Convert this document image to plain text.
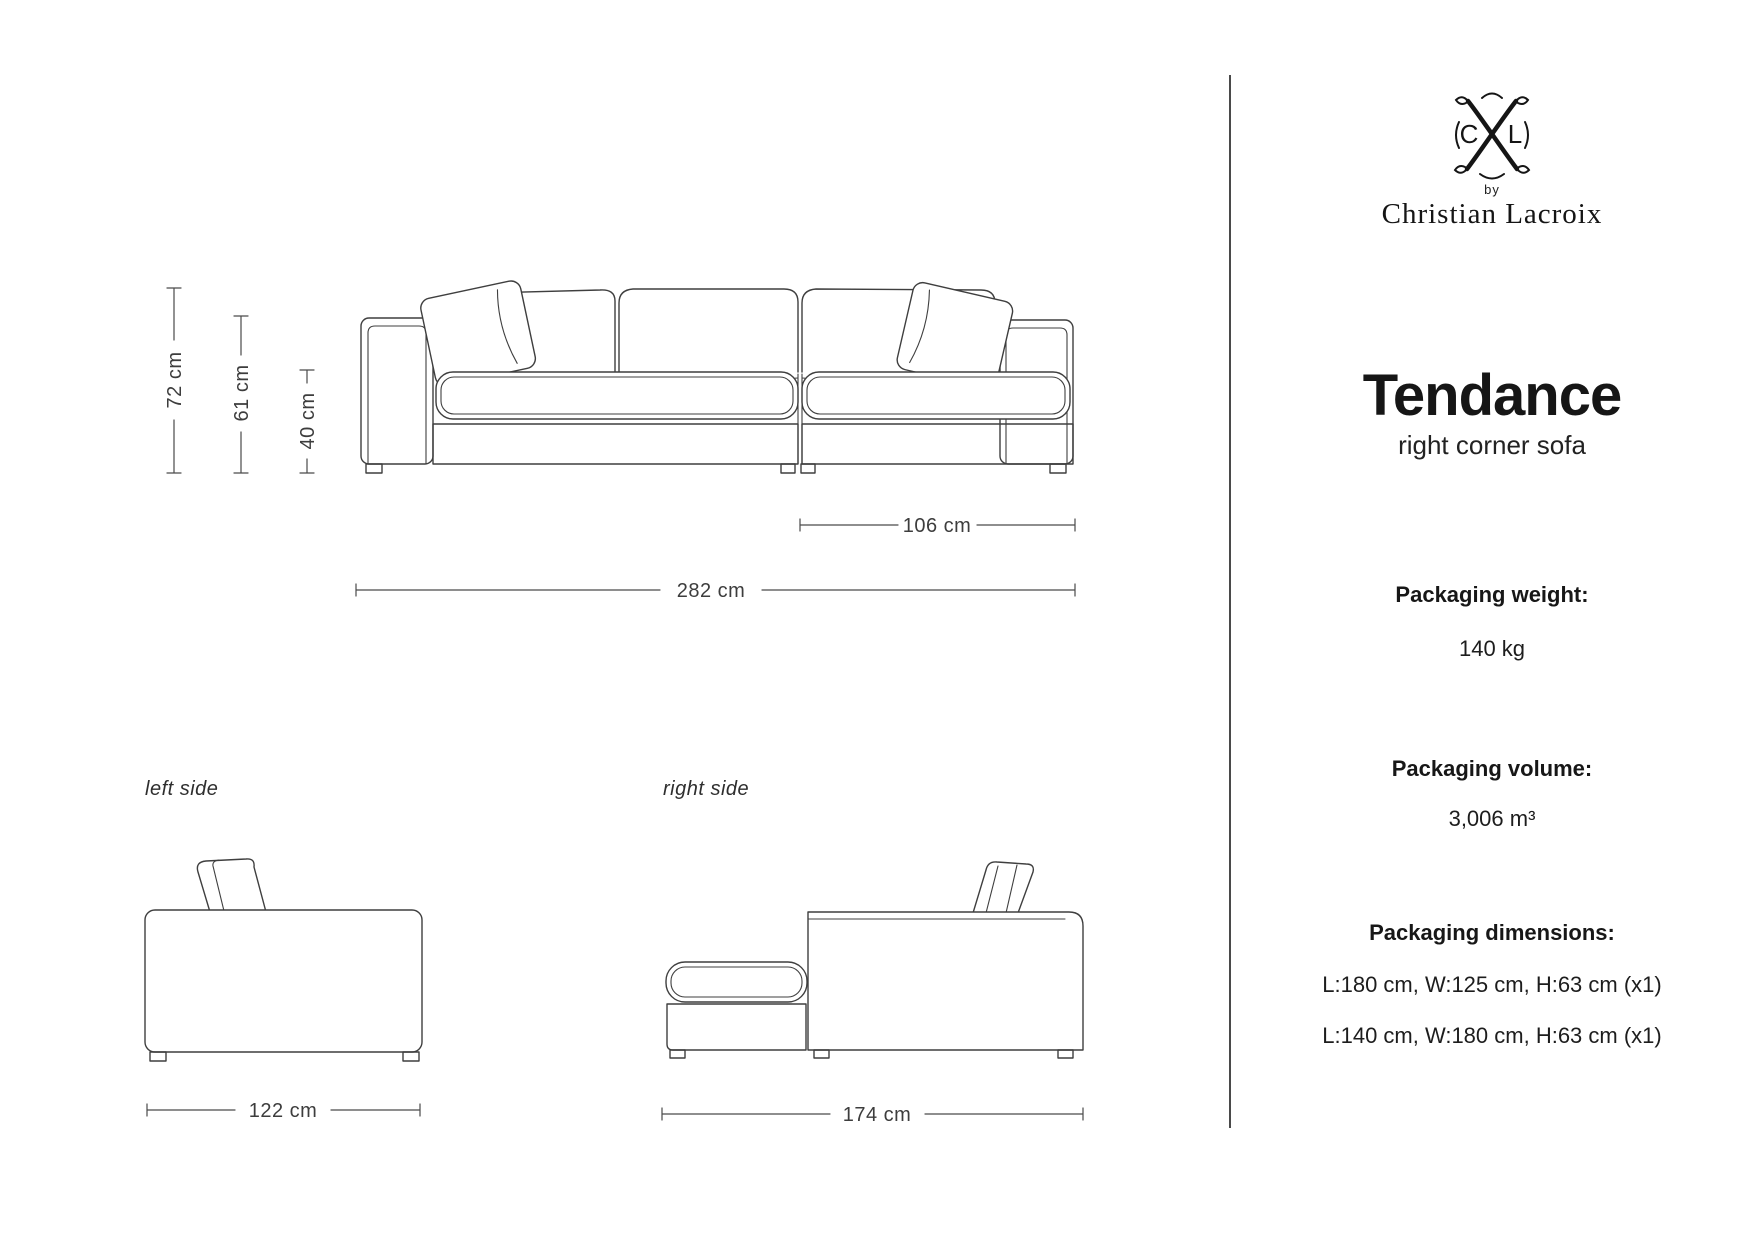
72 cm 61 cm 40 cm
106 cm
282 cm
left side
122 cm
right side
174 cm
C L
by
Christian Lacroix
Tendance
right corner sofa
Packaging weight:
140 kg
Packaging volume:
3,006 m³
Packaging dimensions:
L:180 cm, W:125 cm, H:63 cm (x1)
L:140 cm, W:180 cm, H:63 cm (x1)
